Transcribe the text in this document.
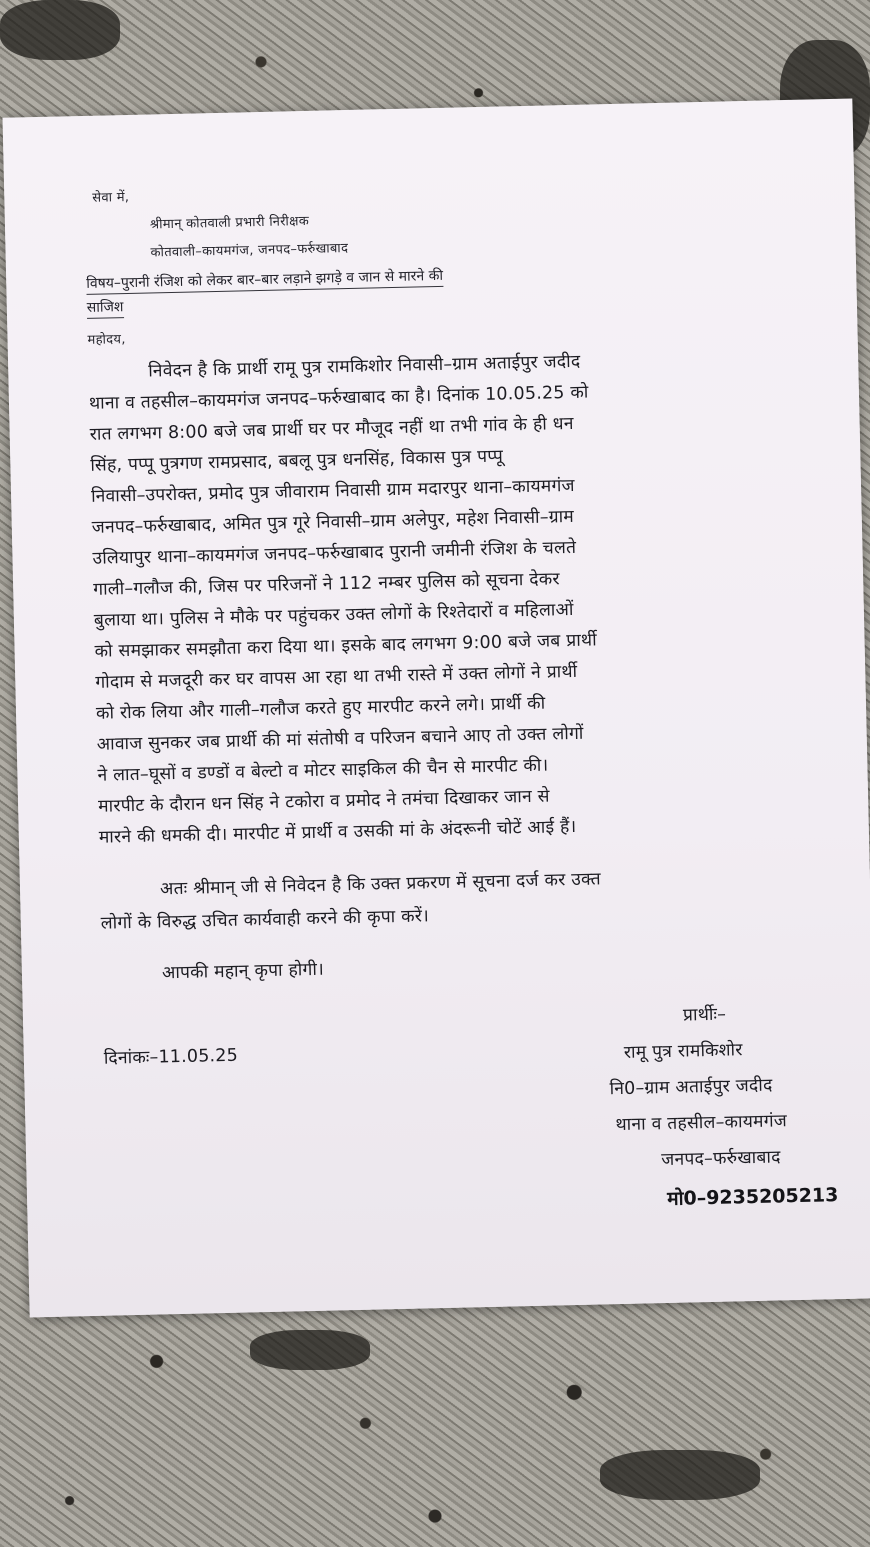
सेवा में,

श्रीमान् कोतवाली प्रभारी निरीक्षक

कोतवाली–कायमगंज, जनपद–फर्रुखाबाद

विषय–पुरानी रंजिश को लेकर बार–बार लड़ाने झगड़े व जान से मारने की

साजिश

महोदय,

निवेदन है कि प्रार्थी रामू पुत्र रामकिशोर निवासी–ग्राम अताईपुर जदीद

थाना व तहसील–कायमगंज जनपद–फर्रुखाबाद का है। दिनांक 10.05.25 को

रात लगभग 8:00 बजे जब प्रार्थी घर पर मौजूद नहीं था तभी गांव के ही धन

सिंह, पप्पू पुत्रगण रामप्रसाद, बबलू पुत्र धनसिंह, विकास पुत्र पप्पू

निवासी–उपरोक्त, प्रमोद पुत्र जीवाराम निवासी ग्राम मदारपुर थाना–कायमगंज

जनपद–फर्रुखाबाद, अमित पुत्र गूरे निवासी–ग्राम अलेपुर, महेश निवासी–ग्राम

उलियापुर थाना–कायमगंज जनपद–फर्रुखाबाद पुरानी जमीनी रंजिश के चलते

गाली–गलौज की, जिस पर परिजनों ने 112 नम्बर पुलिस को सूचना देकर

बुलाया था। पुलिस ने मौके पर पहुंचकर उक्त लोगों के रिश्तेदारों व महिलाओं

को समझाकर समझौता करा दिया था। इसके बाद लगभग 9:00 बजे जब प्रार्थी

गोदाम से मजदूरी कर घर वापस आ रहा था तभी रास्ते में उक्त लोगों ने प्रार्थी

को रोक लिया और गाली–गलौज करते हुए मारपीट करने लगे। प्रार्थी की

आवाज सुनकर जब प्रार्थी की मां संतोषी व परिजन बचाने आए तो उक्त लोगों

ने लात–घूसों व डण्डों व बेल्टो व मोटर साइकिल की चैन से मारपीट की।

मारपीट के दौरान धन सिंह ने टकोरा व प्रमोद ने तमंचा दिखाकर जान से

मारने की धमकी दी। मारपीट में प्रार्थी व उसकी मां के अंदरूनी चोटें आई हैं।

अतः श्रीमान् जी से निवेदन है कि उक्त प्रकरण में सूचना दर्ज कर उक्त

लोगों के विरुद्ध उचित कार्यवाही करने की कृपा करें।

आपकी महान् कृपा होगी।

दिनांकः–11.05.25

प्रार्थीः–

रामू पुत्र रामकिशोर

नि0–ग्राम अताईपुर जदीद

थाना व तहसील–कायमगंज

जनपद–फर्रुखाबाद

मो0–9235205213
